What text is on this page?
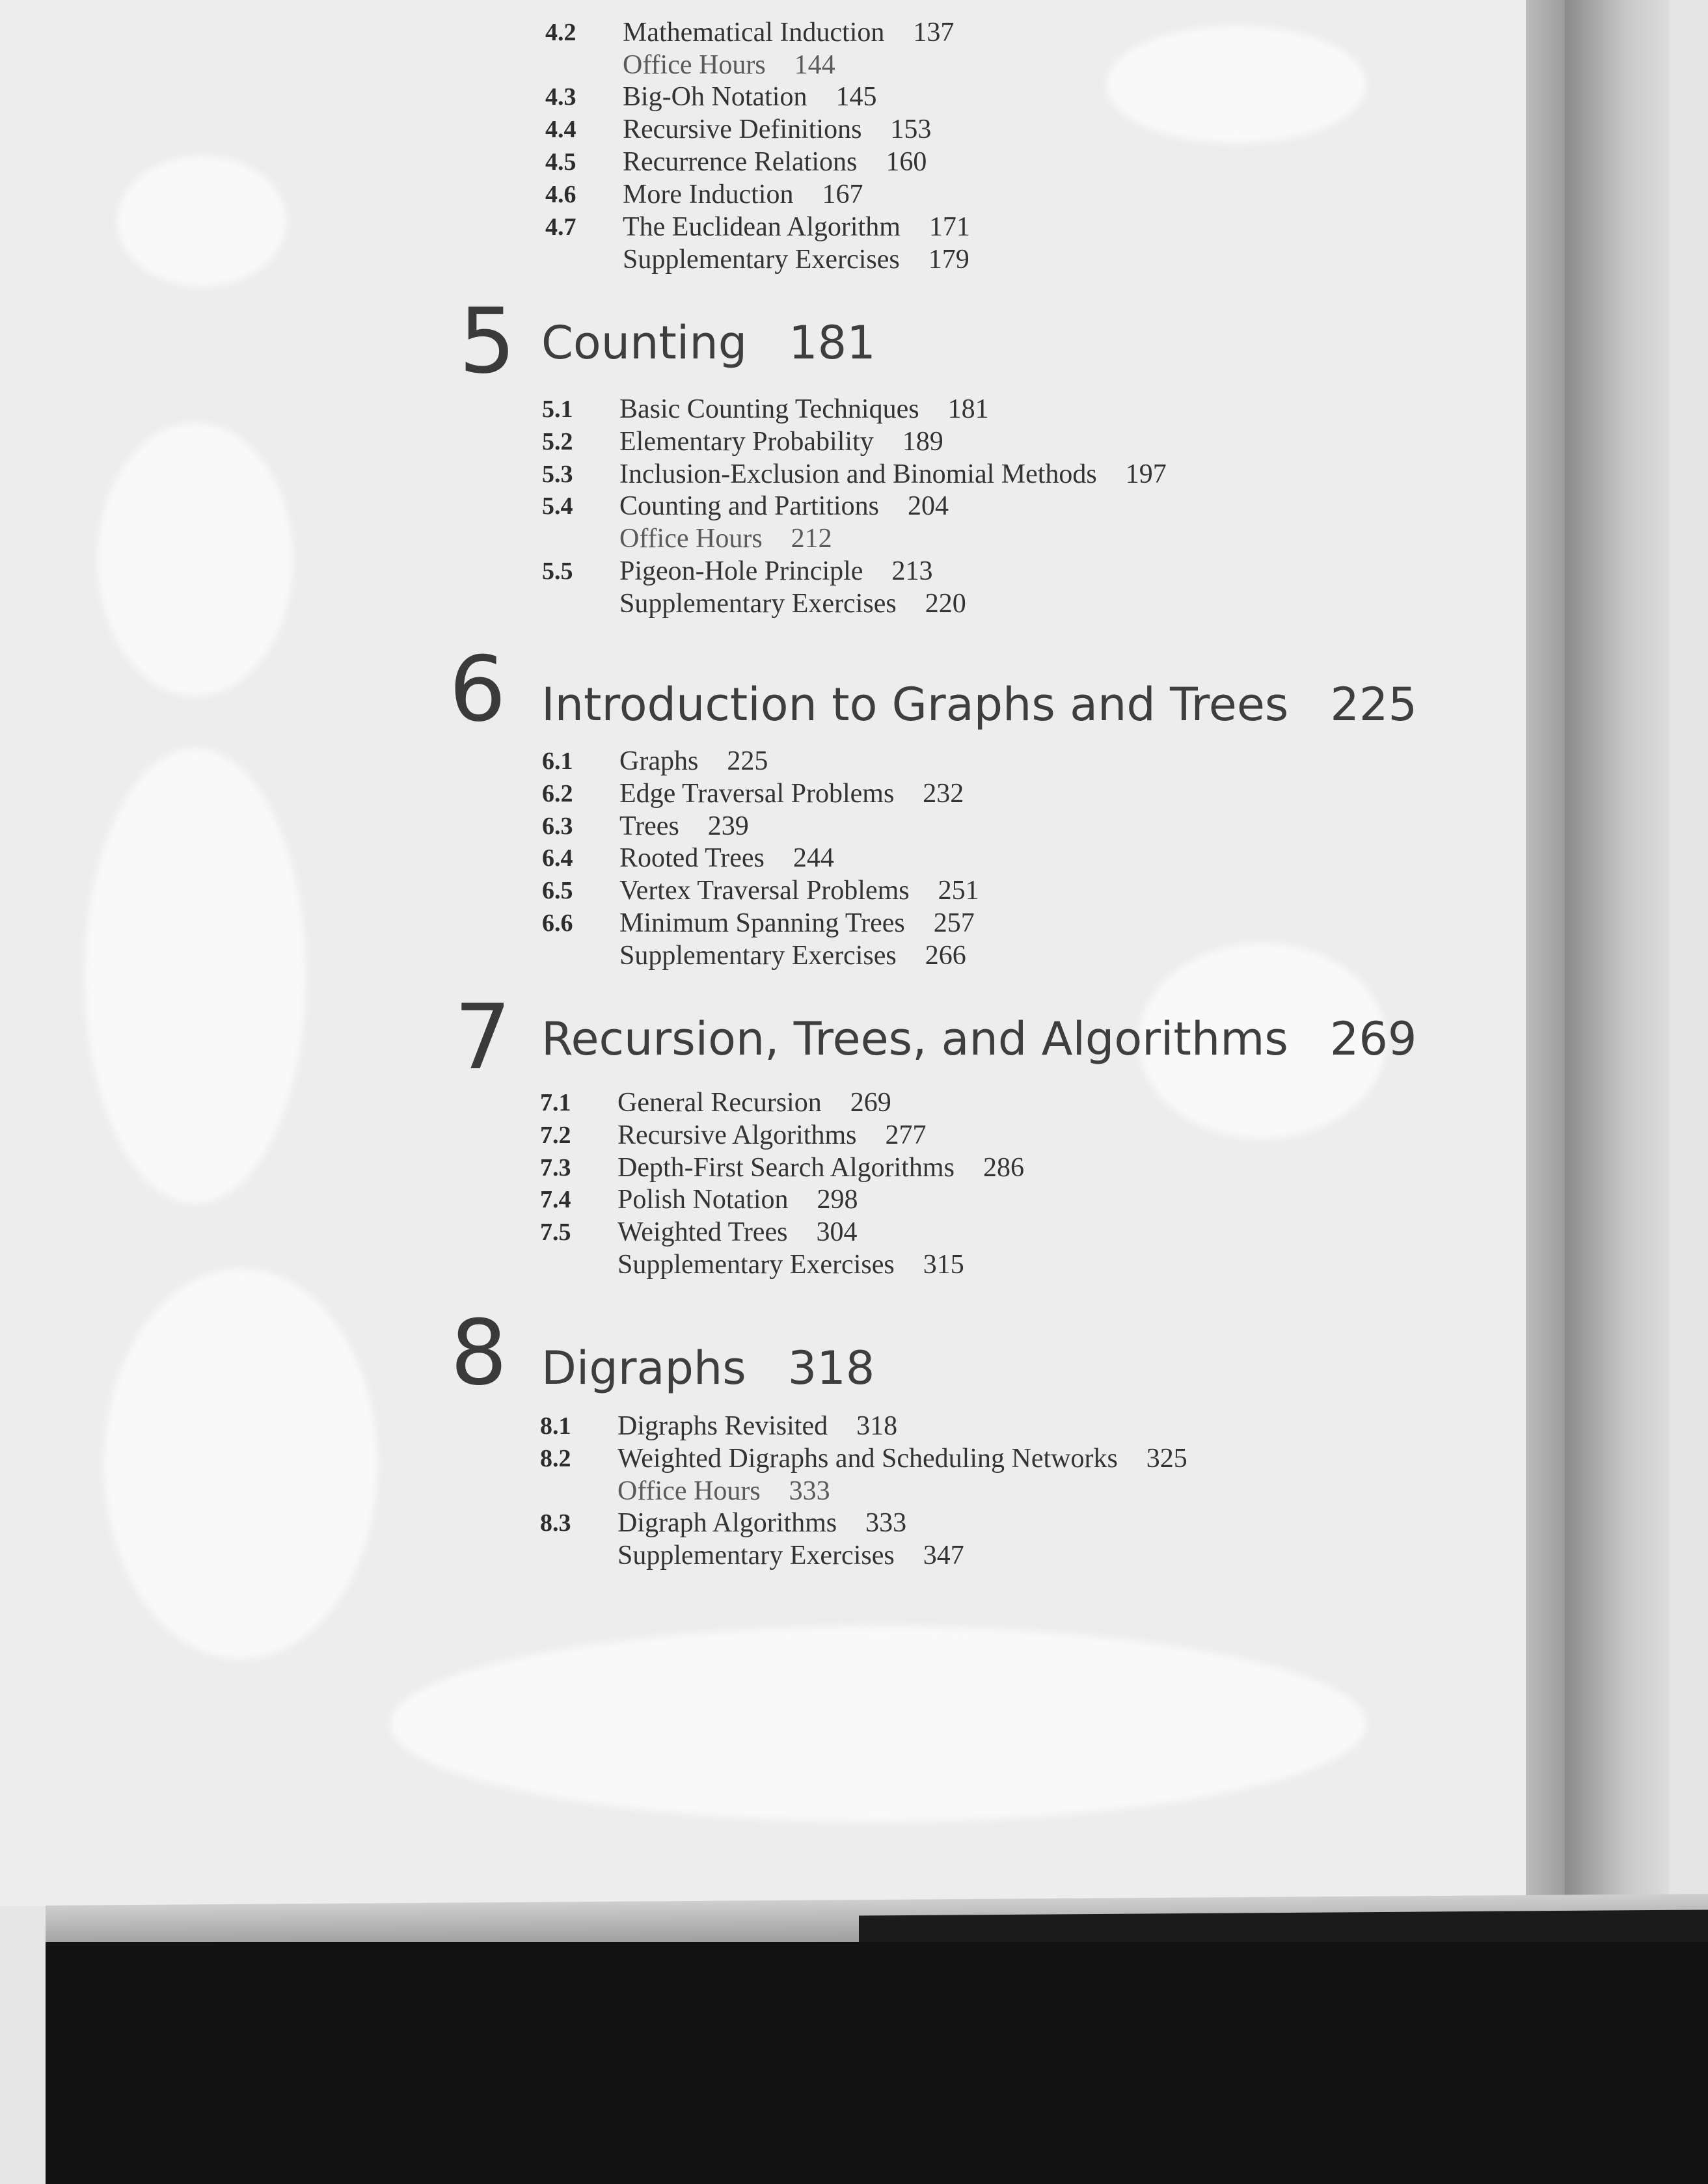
4.2 Mathematical Induction 137
Office Hours 144
4.3 Big-Oh Notation 145
4.4 Recursive Definitions 153
4.5 Recurrence Relations 160
4.6 More Induction 167
4.7 The Euclidean Algorithm 171
Supplementary Exercises 179
5 Counting 181
5.1 Basic Counting Techniques 181
5.2 Elementary Probability 189
5.3 Inclusion-Exclusion and Binomial Methods 197
5.4 Counting and Partitions 204
Office Hours 212
5.5 Pigeon-Hole Principle 213
Supplementary Exercises 220
6 Introduction to Graphs and Trees 225
6.1 Graphs 225
6.2 Edge Traversal Problems 232
6.3 Trees 239
6.4 Rooted Trees 244
6.5 Vertex Traversal Problems 251
6.6 Minimum Spanning Trees 257
Supplementary Exercises 266
7 Recursion, Trees, and Algorithms 269
7.1 General Recursion 269
7.2 Recursive Algorithms 277
7.3 Depth-First Search Algorithms 286
7.4 Polish Notation 298
7.5 Weighted Trees 304
Supplementary Exercises 315
8 Digraphs 318
8.1 Digraphs Revisited 318
8.2 Weighted Digraphs and Scheduling Networks 325
Office Hours 333
8.3 Digraph Algorithms 333
Supplementary Exercises 347
